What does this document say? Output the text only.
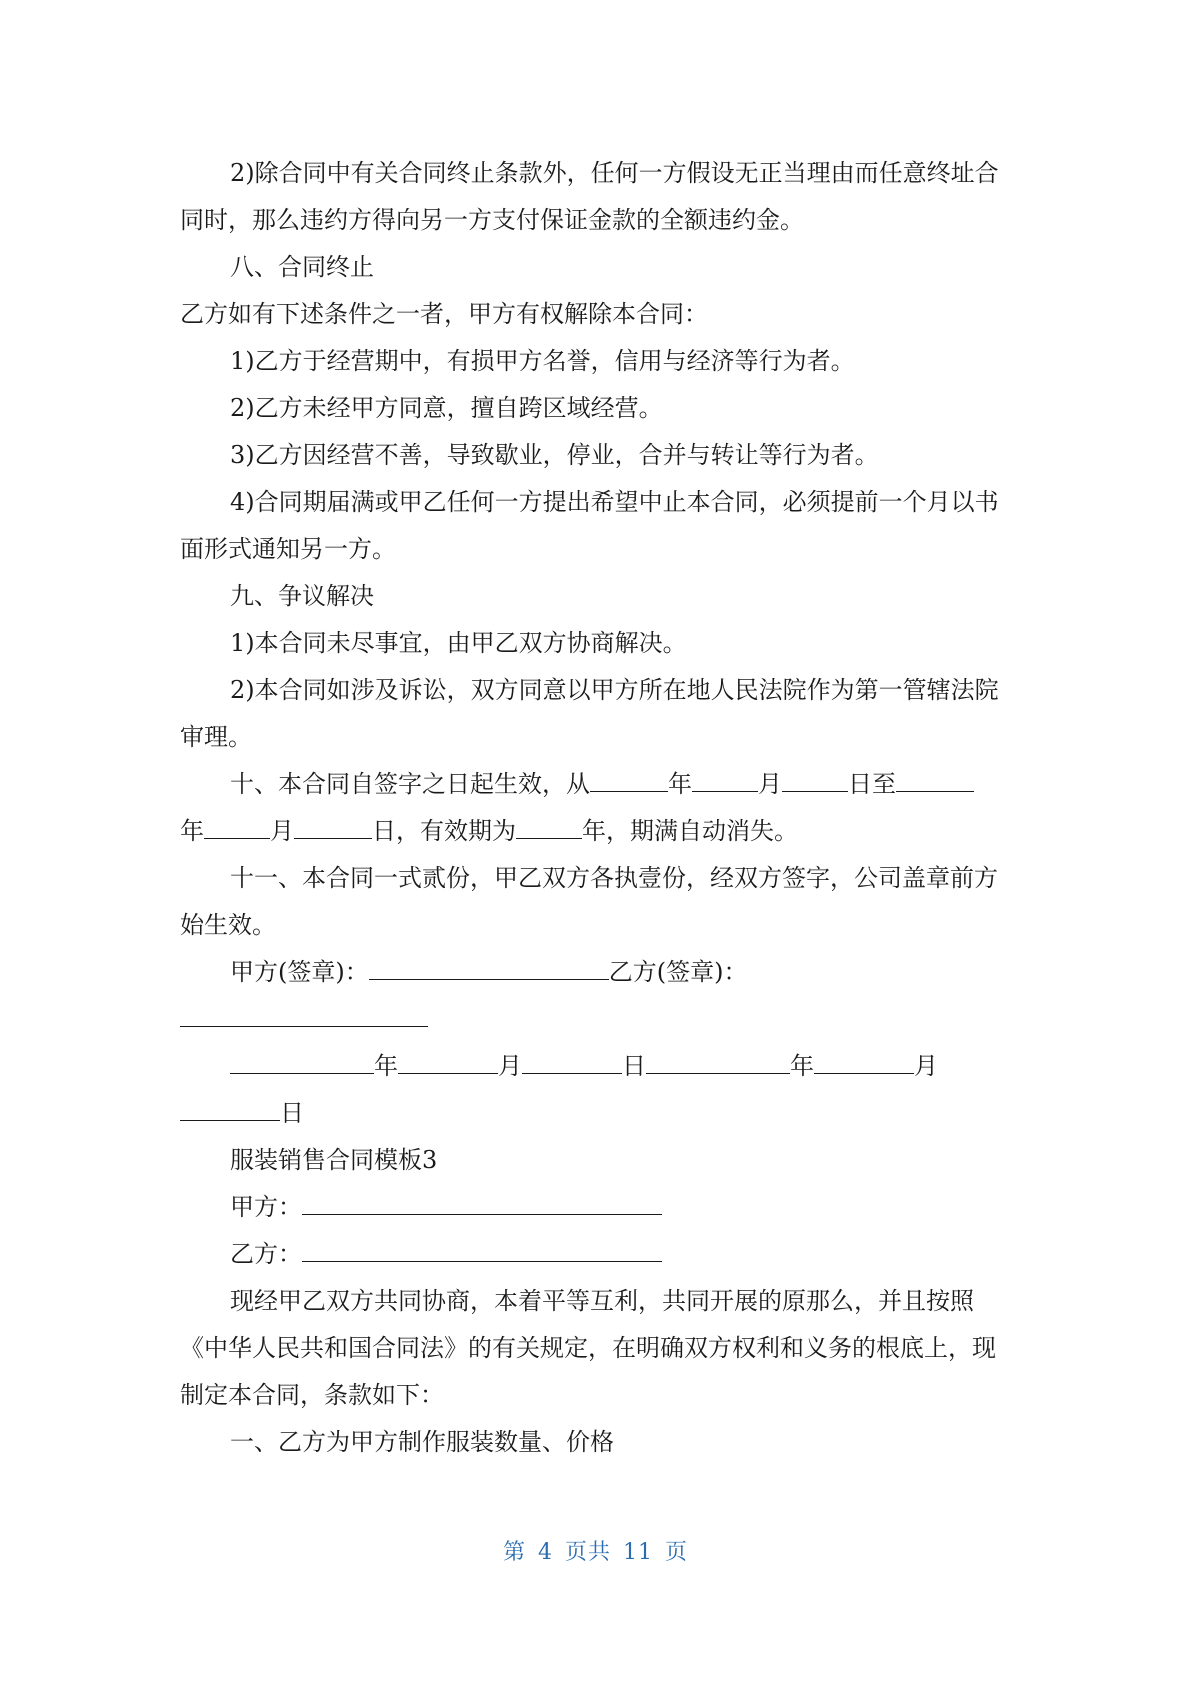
2)除合同中有关合同终止条款外，任何一方假设无正当理由而任意终址合

同时，那么违约方得向另一方支付保证金款的全额违约金。

八、合同终止

乙方如有下述条件之一者，甲方有权解除本合同：

1)乙方于经营期中，有损甲方名誉，信用与经济等行为者。

2)乙方未经甲方同意，擅自跨区域经营。

3)乙方因经营不善，导致歇业，停业，合并与转让等行为者。

4)合同期届满或甲乙任何一方提出希望中止本合同，必须提前一个月以书

面形式通知另一方。

九、争议解决

1)本合同未尽事宜，由甲乙双方协商解决。

2)本合同如涉及诉讼，双方同意以甲方所在地人民法院作为第一管辖法院

审理。

十、本合同自签字之日起生效，从	年	月	日至

年	月	日，有效期为	年，期满自动消失。

十一、本合同一式贰份，甲乙双方各执壹份，经双方签字，公司盖章前方

始生效。

甲方(签章)：	乙方(签章)：

年	月	日	年	月

日

服装销售合同模板3

甲方：

乙方：

现经甲乙双方共同协商，本着平等互利，共同开展的原那么，并且按照

《中华人民共和国合同法》的有关规定，在明确双方权利和义务的根底上，现

制定本合同，条款如下：

一、乙方为甲方制作服装数量、价格

第 4 页共 11 页
